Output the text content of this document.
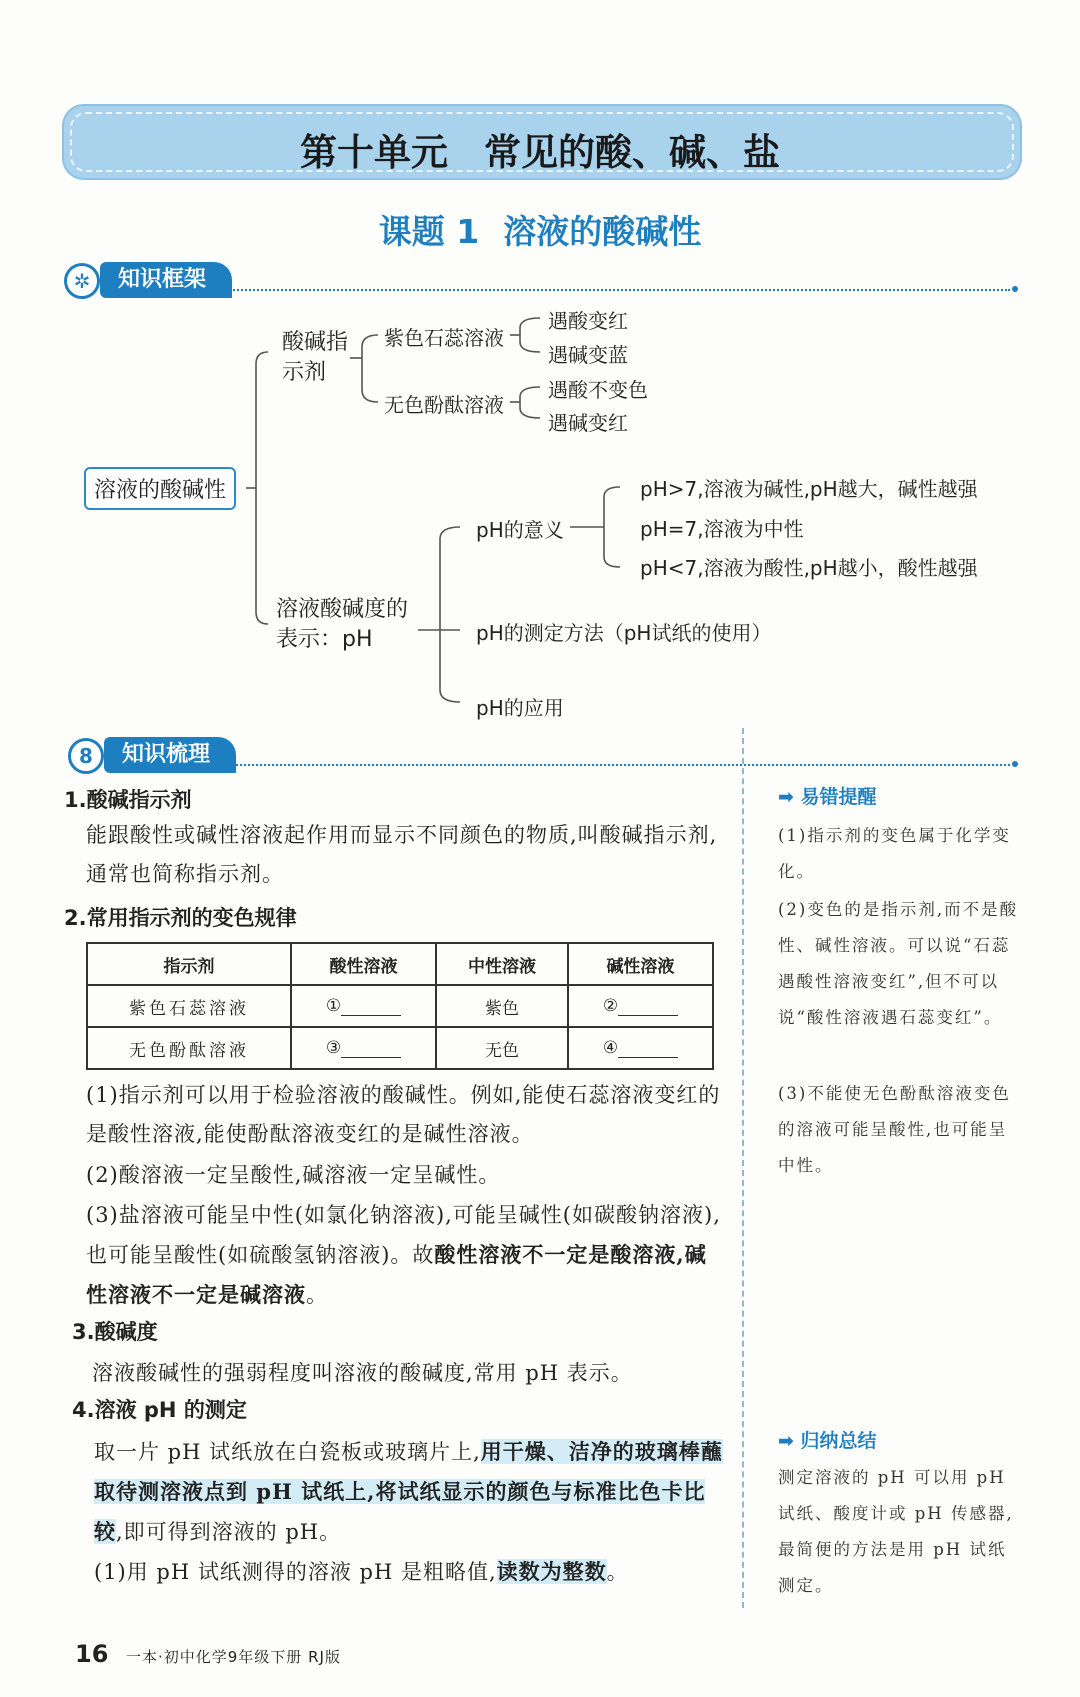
第十单元 常见的酸、碱、盐
课题 1 溶液的酸碱性
✲	知识框架
溶液的酸碱性
酸碱指示剂
紫色石蕊溶液
无色酚酞溶液
遇酸变红
遇碱变蓝
遇酸不变色
遇碱变红
溶液酸碱度的表示：pH
pH的意义
pH>7,溶液为碱性,pH越大，碱性越强
pH=7,溶液为中性
pH<7,溶液为酸性,pH越小，酸性越强
pH的测定方法（pH试纸的使用）
pH的应用
8	知识梳理
1.酸碱指示剂
能跟酸性或碱性溶液起作用而显示不同颜色的物质,叫酸碱指示剂,通常也简称指示剂。
2.常用指示剂的变色规律
指示剂	酸性溶液	中性溶液	碱性溶液
紫色石蕊溶液	①	紫色	②
无色酚酞溶液	③	无色	④
(1)指示剂可以用于检验溶液的酸碱性。例如,能使石蕊溶液变红的是酸性溶液,能使酚酞溶液变红的是碱性溶液。
(2)酸溶液一定呈酸性,碱溶液一定呈碱性。
(3)盐溶液可能呈中性(如氯化钠溶液),可能呈碱性(如碳酸钠溶液),也可能呈酸性(如硫酸氢钠溶液)。故酸性溶液不一定是酸溶液,碱性溶液不一定是碱溶液。
3.酸碱度
溶液酸碱性的强弱程度叫溶液的酸碱度,常用 pH 表示。
4.溶液 pH 的测定
取一片 pH 试纸放在白瓷板或玻璃片上,用干燥、洁净的玻璃棒蘸取待测溶液点到 pH 试纸上,将试纸显示的颜色与标准比色卡比较,即可得到溶液的 pH。
(1)用 pH 试纸测得的溶液 pH 是粗略值,读数为整数。
➡ 易错提醒
(1)指示剂的变色属于化学变化。
(2)变色的是指示剂,而不是酸性、碱性溶液。可以说“石蕊遇酸性溶液变红”,但不可以说“酸性溶液遇石蕊变红”。
(3)不能使无色酚酞溶液变色的溶液可能呈酸性,也可能呈中性。
➡ 归纳总结
测定溶液的 pH 可以用 pH 试纸、酸度计或 pH 传感器,最简便的方法是用 pH 试纸测定。
16 一本·初中化学9年级下册 RJ版
